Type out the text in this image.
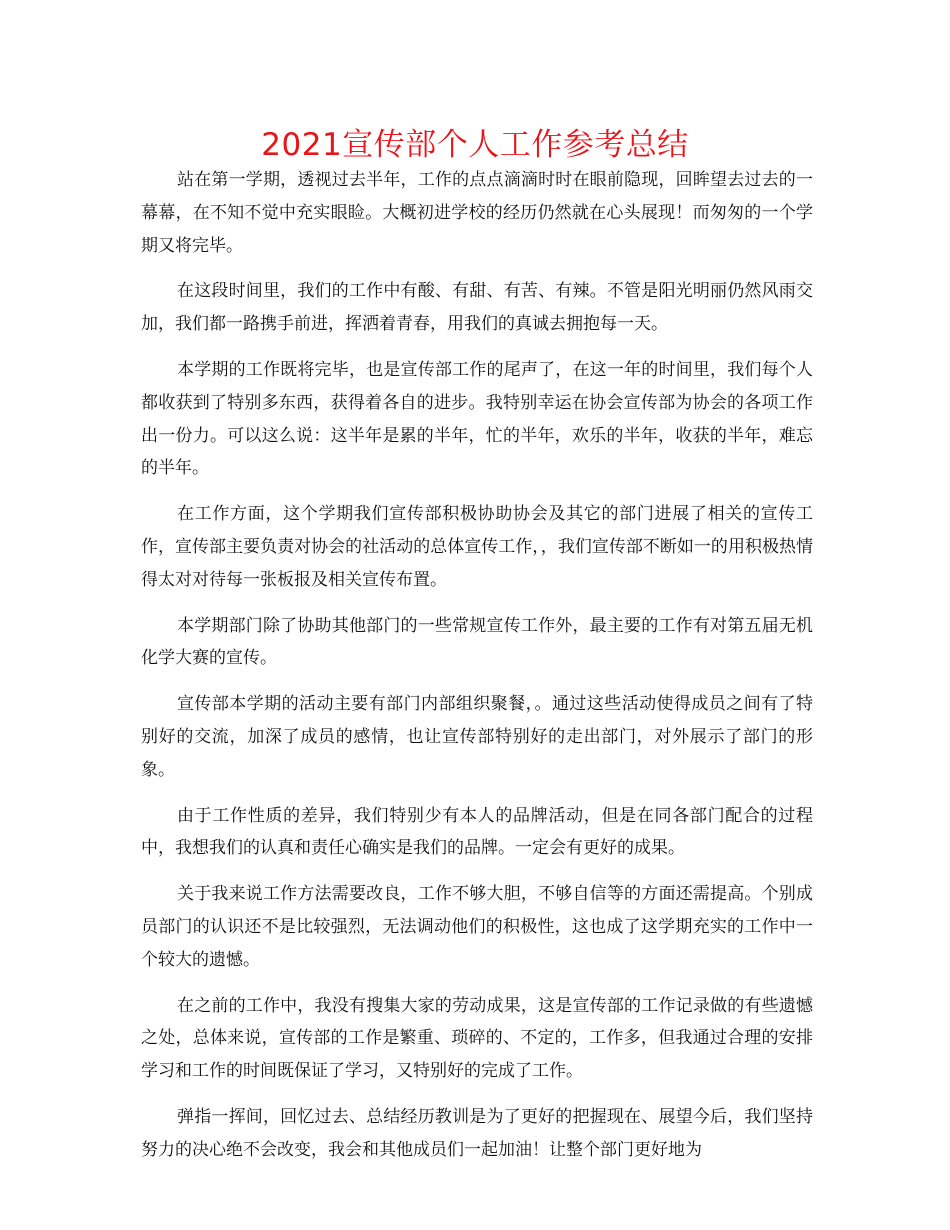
2021宣传部个人工作参考总结

站在第一学期，透视过去半年，工作的点点滴滴时时在眼前隐现，回眸望去过去的一幕幕，在不知不觉中充实眼睑。大概初进学校的经历仍然就在心头展现！而匆匆的一个学期又将完毕。

在这段时间里，我们的工作中有酸、有甜、有苦、有辣。不管是阳光明丽仍然风雨交加，我们都一路携手前进，挥洒着青春，用我们的真诚去拥抱每一天。

本学期的工作既将完毕，也是宣传部工作的尾声了，在这一年的时间里，我们每个人都收获到了特别多东西，获得着各自的进步。我特别幸运在协会宣传部为协会的各项工作出一份力。可以这么说：这半年是累的半年，忙的半年，欢乐的半年，收获的半年，难忘的半年。

在工作方面，这个学期我们宣传部积极协助协会及其它的部门进展了相关的宣传工作，宣传部主要负责对协会的社活动的总体宣传工作，，我们宣传部不断如一的用积极热情得太对对待每一张板报及相关宣传布置。

本学期部门除了协助其他部门的一些常规宣传工作外，最主要的工作有对第五届无机化学大赛的宣传。

宣传部本学期的活动主要有部门内部组织聚餐，。通过这些活动使得成员之间有了特别好的交流，加深了成员的感情，也让宣传部特别好的走出部门，对外展示了部门的形象。

由于工作性质的差异，我们特别少有本人的品牌活动，但是在同各部门配合的过程中，我想我们的认真和责任心确实是我们的品牌。一定会有更好的成果。

关于我来说工作方法需要改良，工作不够大胆，不够自信等的方面还需提高。个别成员部门的认识还不是比较强烈，无法调动他们的积极性，这也成了这学期充实的工作中一个较大的遗憾。

在之前的工作中，我没有搜集大家的劳动成果，这是宣传部的工作记录做的有些遗憾之处，总体来说，宣传部的工作是繁重、琐碎的、不定的，工作多，但我通过合理的安排学习和工作的时间既保证了学习，又特别好的完成了工作。

弹指一挥间，回忆过去、总结经历教训是为了更好的把握现在、展望今后，我们坚持努力的决心绝不会改变，我会和其他成员们一起加油！让整个部门更好地为
